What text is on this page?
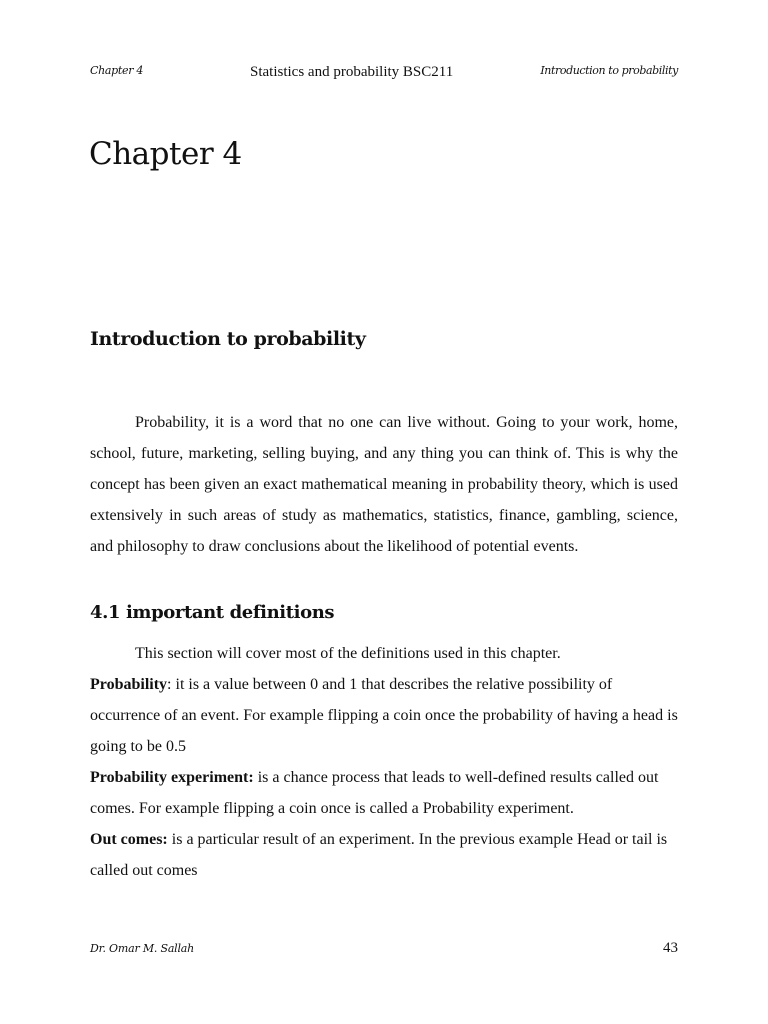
Chapter 4	Statistics and probability BSC211	Introduction to probability
Chapter 4
Introduction to probability

Probability, it is a word that no one can live without. Going to your work, home, school, future, marketing, selling buying, and any thing you can think of. This is why the concept has been given an exact mathematical meaning in probability theory, which is used extensively in such areas of study as mathematics, statistics, finance, gambling, science, and philosophy to draw conclusions about the likelihood of potential events.

4.1 important definitions

This section will cover most of the definitions used in this chapter.

Probability: it is a value between 0 and 1 that describes the relative possibility of occurrence of an event. For example flipping a coin once the probability of having a head is going to be 0.5

Probability experiment: is a chance process that leads to well-defined results called out comes. For example flipping a coin once is called a Probability experiment.

Out comes: is a particular result of an experiment. In the previous example Head or tail is called out comes

Dr. Omar M. Sallah	43
